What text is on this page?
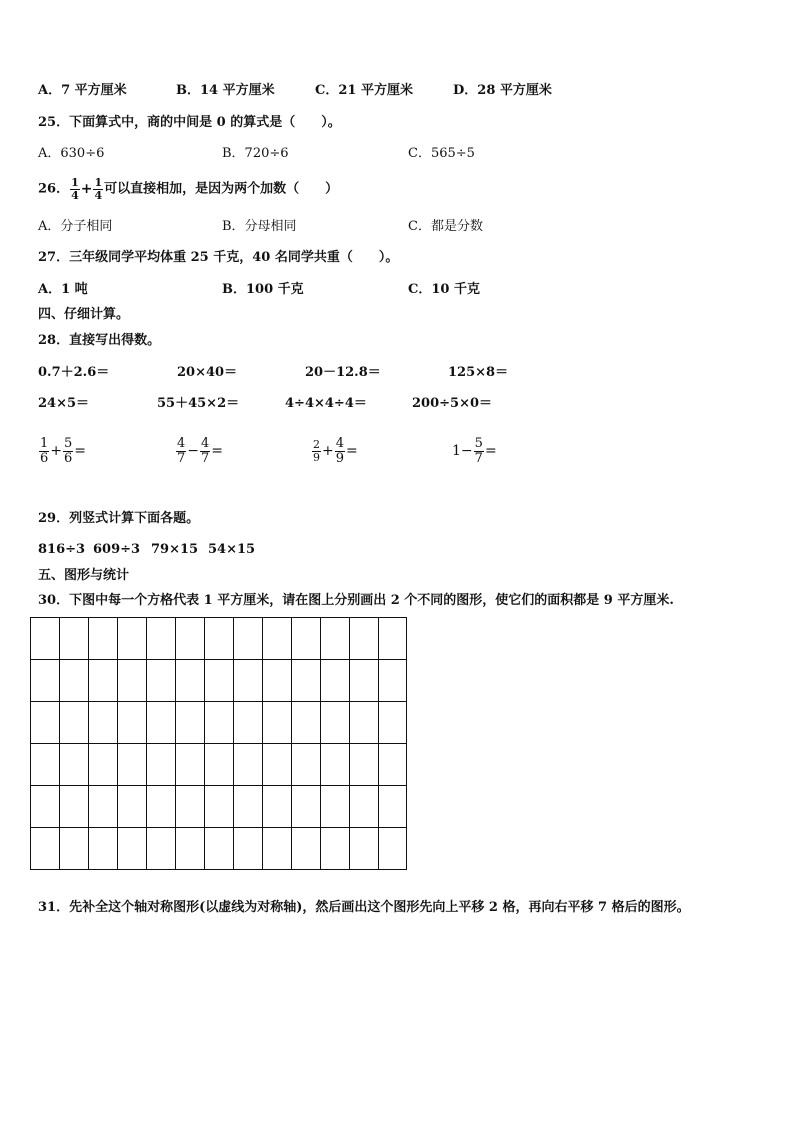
A．7 平方厘米	B．14 平方厘米	C．21 平方厘米	D．28 平方厘米
25．下面算式中，商的中间是 0 的算式是（　　）。
A．630÷6	B．720÷6	C．565÷5
26． $\frac{1}{4} + \frac{1}{4}$ 可以直接相加，是因为两个加数（　　）
A．分子相同	B．分母相同	C．都是分数
27．三年级同学平均体重 25 千克，40 名同学共重（　　）。
A．1 吨	B．100 千克	C．10 千克
四、仔细计算。
28．直接写出得数。
0.7＋2.6＝	20×40＝	20－12.8＝	125×8＝
24×5＝	55＋45×2＝	4÷4×4÷4＝	200÷5×0＝
$\frac{1}{6} + \frac{5}{6}$ =	$\frac{4}{7} - \frac{4}{7}$ =	$\frac{2}{9} + \frac{4}{9}$ =	$1- \frac{5}{7}$ =
29．列竖式计算下面各题。
816÷3 609÷3 79×15 54×15
五、图形与统计
30．下图中每一个方格代表 1 平方厘米，请在图上分别画出 2 个不同的图形，使它们的面积都是 9 平方厘米.
31．先补全这个轴对称图形(以虚线为对称轴)，然后画出这个图形先向上平移 2 格，再向右平移 7 格后的图形。
